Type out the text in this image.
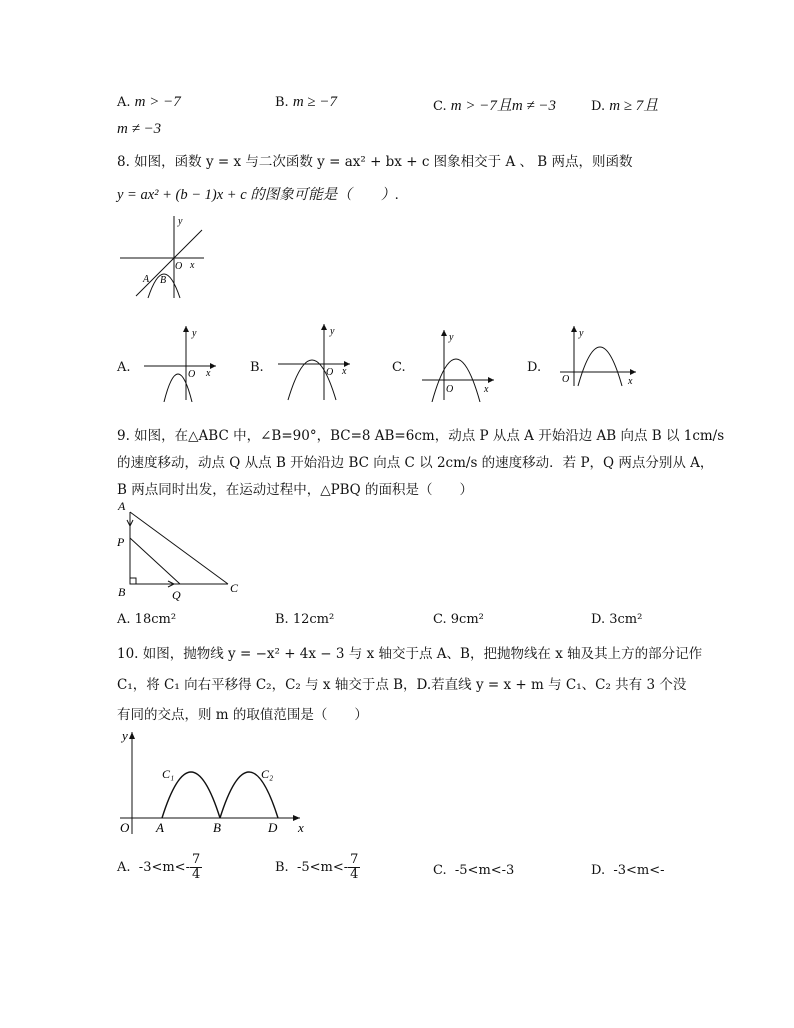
A. m > −7	B. m ≥ −7	C. m > −7且m ≠ −3	D. m ≥ 7且
m ≠ −3
8. 如图，函数 y = x 与二次函数 y = ax² + bx + c 图象相交于 A 、 B 两点，则函数
y = ax² + (b − 1)x + c 的图象可能是（　　）.
y
x
O
A B
A.
y
x
O	B.
y
x
O	C.
y
x
O
D.
y
x
O
9. 如图，在△ABC 中，∠B=90°，BC=8 AB=6cm，动点 P 从点 A 开始沿边 AB 向点 B 以 1cm/s
的速度移动，动点 Q 从点 B 开始沿边 BC 向点 C 以 2cm/s 的速度移动．若 P，Q 两点分别从 A，
B 两点同时出发，在运动过程中，△PBQ 的面积是（　　）
A
P
B	Q	C
A. 18cm²	B. 12cm²	C. 9cm²	D. 3cm²
10. 如图，抛物线 y = −x² + 4x − 3 与 x 轴交于点 A、B，把抛物线在 x 轴及其上方的部分记作
C₁，将 C₁ 向右平移得 C₂，C₂ 与 x 轴交于点 B，D.若直线 y = x + m 与 C₁、C₂ 共有 3 个没
有同的交点，则 m 的取值范围是（　　）
y
x
O A	B	D
C₁	C₂
A. $-3<m<- \frac{7}{4}$	B. $-5<m<- \frac{7}{4}$	C. -5<m<-3	D. -3<m<-
